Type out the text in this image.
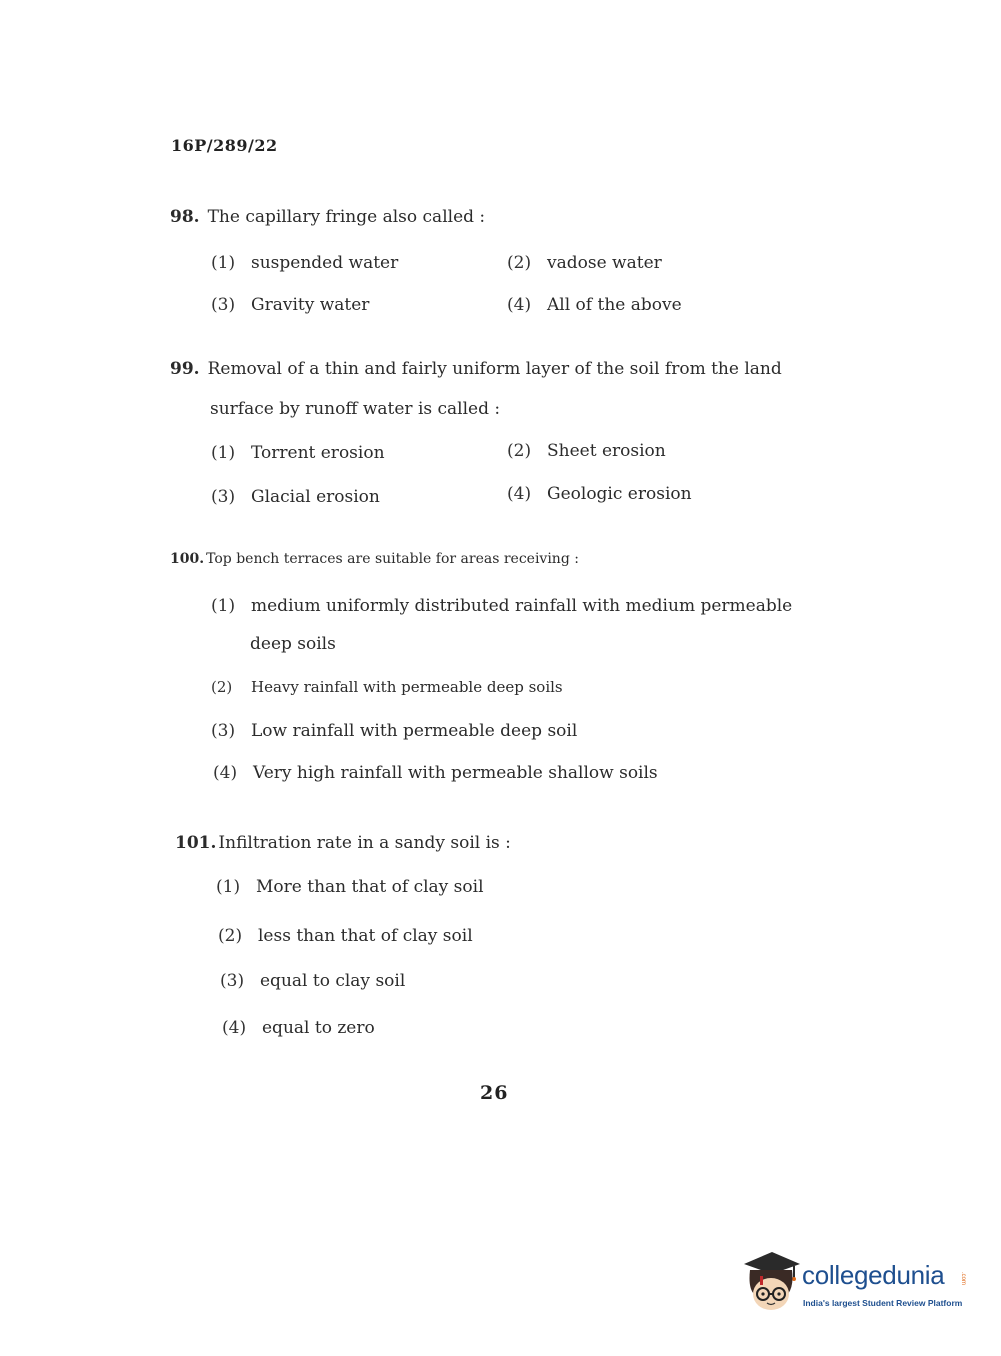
16P/289/22
98. The capillary fringe also called :
(1) suspended water	(2) vadose water
(3) Gravity water	(4) All of the above
99. Removal of a thin and fairly uniform layer of the soil from the land
surface by runoff water is called :
(1) Torrent erosion	(2) Sheet erosion
(3) Glacial erosion	(4) Geologic erosion
100. Top bench terraces are suitable for areas receiving :
(1) medium uniformly distributed rainfall with medium permeable
deep soils
(2) Heavy rainfall with permeable deep soils
(3) Low rainfall with permeable deep soil
(4) Very high rainfall with permeable shallow soils
101. Infiltration rate in a sandy soil is :
(1) More than that of clay soil
(2) less than that of clay soil
(3) equal to clay soil
(4) equal to zero
26
collegedunia	.com
India's largest Student Review Platform
